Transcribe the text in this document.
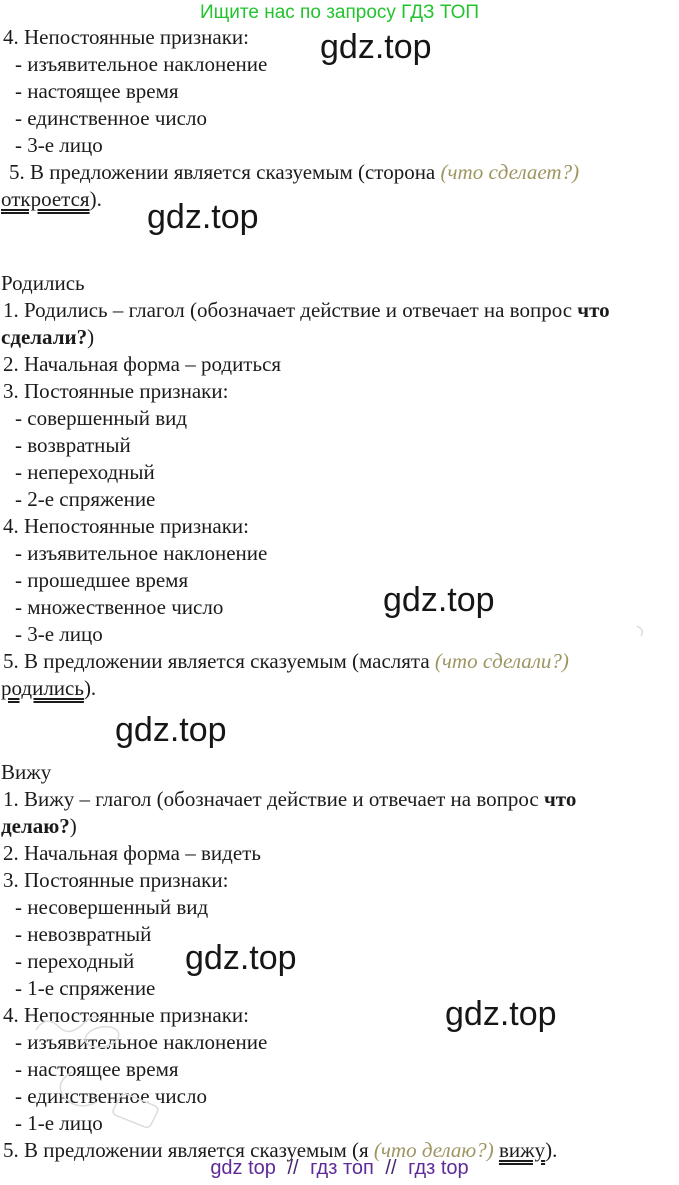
Ищите нас по запросу ГДЗ ТОП
4. Непостоянные признаки:
- изъявительное наклонение
- настоящее время
- единственное число
- 3-е лицо
5. В предложении является сказуемым (сторона (что сделает?)
откроется).
Родились
1. Родились – глагол (обозначает действие и отвечает на вопрос что
сделали?)
2. Начальная форма – родиться
3. Постоянные признаки:
- совершенный вид
- возвратный
- непереходный
- 2-е спряжение
4. Непостоянные признаки:
- изъявительное наклонение
- прошедшее время
- множественное число
- 3-е лицо
5. В предложении является сказуемым (маслята (что сделали?)
родились).
Вижу
1. Вижу – глагол (обозначает действие и отвечает на вопрос что
делаю?)
2. Начальная форма – видеть
3. Постоянные признаки:
- несовершенный вид
- невозвратный
- переходный
- 1-е спряжение
4. Непостоянные признаки:
- изъявительное наклонение
- настоящее время
- единственное число
- 1-е лицо
5. В предложении является сказуемым (я (что делаю?) вижу).
gdz.top
gdz.top
gdz.top
gdz.top
gdz.top
gdz.top
gdz top // гдз топ // гдз top
